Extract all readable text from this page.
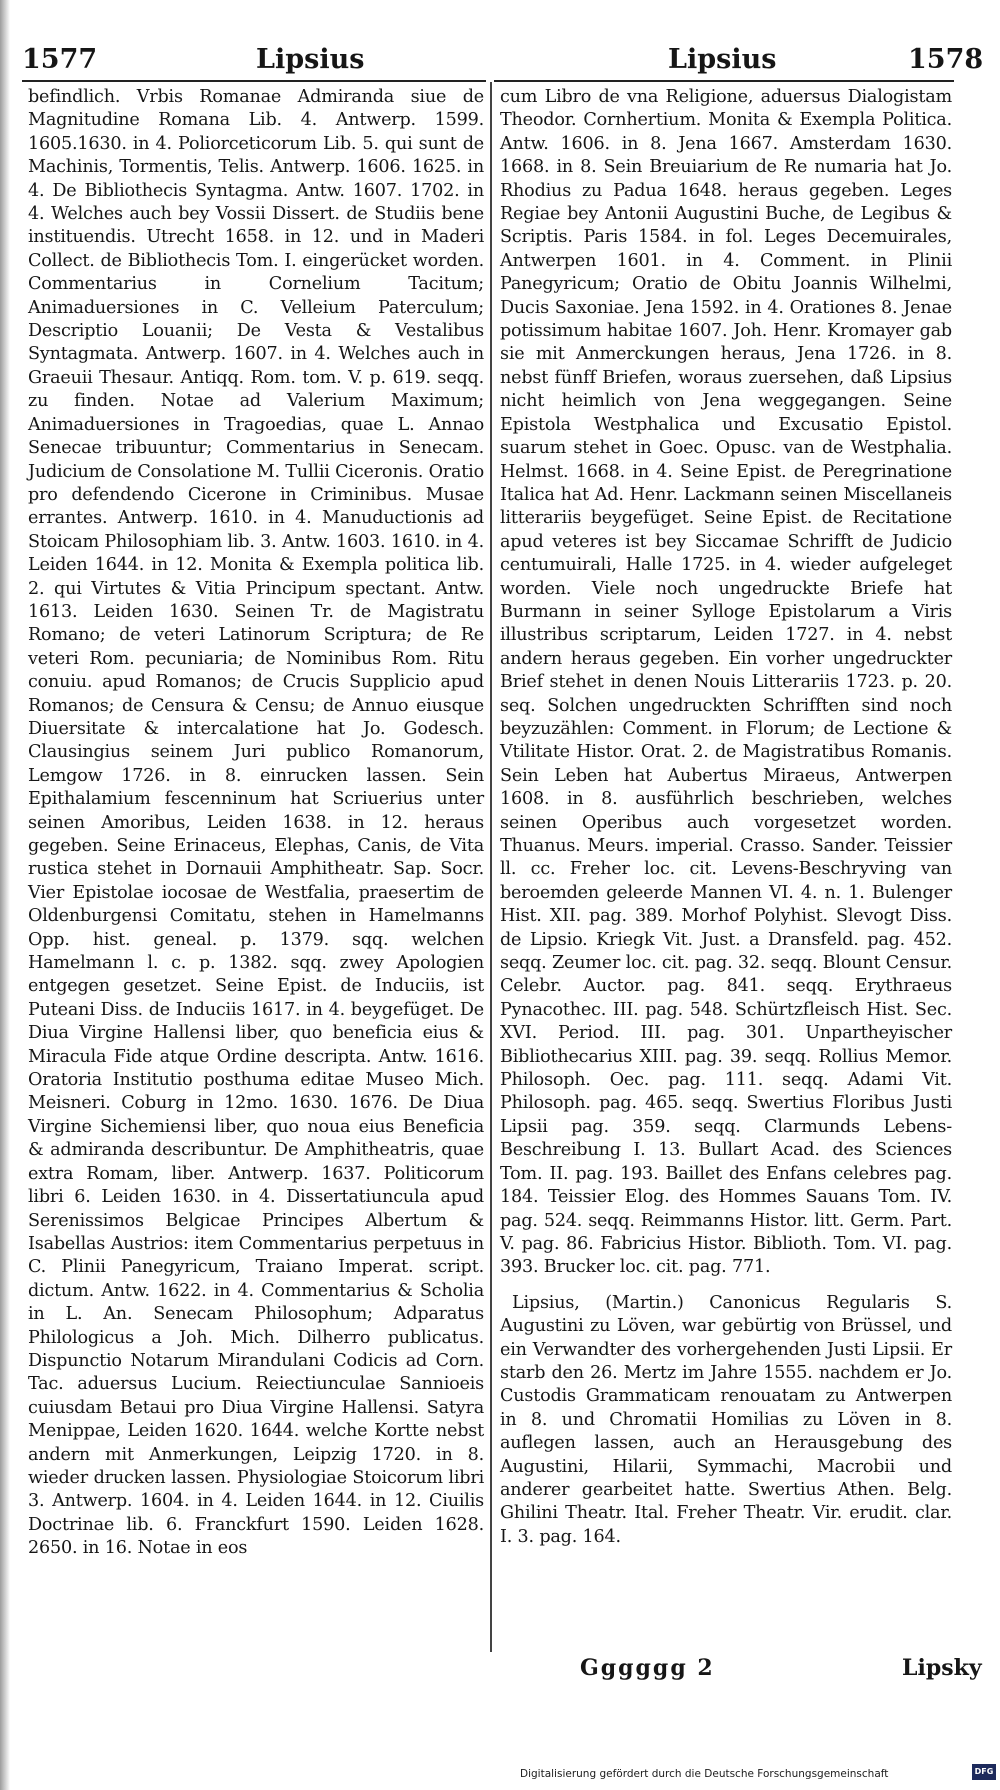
1577	Lipsius	Lipsius	1578

befindlich. Vrbis Romanae Admiranda siue de Magnitudine Romana Lib. 4. Antwerp. 1599. 1605.1630. in 4. Poliorceticorum Lib. 5. qui sunt de Machinis, Tormentis, Telis. Antwerp. 1606. 1625. in 4. De Bibliothecis Syntagma. Antw. 1607. 1702. in 4. Welches auch bey Vossii Dissert. de Studiis bene instituendis. Utrecht 1658. in 12. und in Maderi Collect. de Bibliothecis Tom. I. eingerücket worden. Commentarius in Cornelium Tacitum; Animaduersiones in C. Velleium Paterculum; Descriptio Louanii; De Vesta & Vestalibus Syntagmata. Antwerp. 1607. in 4. Welches auch in Graeuii Thesaur. Antiqq. Rom. tom. V. p. 619. seqq. zu finden. Notae ad Valerium Maximum; Animaduersiones in Tragoedias, quae L. Annao Senecae tribuuntur; Commentarius in Senecam. Judicium de Consolatione M. Tullii Ciceronis. Oratio pro defendendo Cicerone in Criminibus. Musae errantes. Antwerp. 1610. in 4. Manuductionis ad Stoicam Philosophiam lib. 3. Antw. 1603. 1610. in 4. Leiden 1644. in 12. Monita & Exempla politica lib. 2. qui Virtutes & Vitia Principum spectant. Antw. 1613. Leiden 1630. Seinen Tr. de Magistratu Romano; de veteri Latinorum Scriptura; de Re veteri Rom. pecuniaria; de Nominibus Rom. Ritu conuiu. apud Romanos; de Crucis Supplicio apud Romanos; de Censura & Censu; de Annuo eiusque Diuersitate & intercalatione hat Jo. Godesch. Clausingius seinem Juri publico Romanorum, Lemgow 1726. in 8. einrucken lassen. Sein Epithalamium fescenninum hat Scriuerius unter seinen Amoribus, Leiden 1638. in 12. heraus gegeben. Seine Erinaceus, Elephas, Canis, de Vita rustica stehet in Dornauii Amphitheatr. Sap. Socr. Vier Epistolae iocosae de Westfalia, praesertim de Oldenburgensi Comitatu, stehen in Hamelmanns Opp. hist. geneal. p. 1379. sqq. welchen Hamelmann l. c. p. 1382. sqq. zwey Apologien entgegen gesetzet. Seine Epist. de Induciis, ist Puteani Diss. de Induciis 1617. in 4. beygefüget. De Diua Virgine Hallensi liber, quo beneficia eius & Miracula Fide atque Ordine descripta. Antw. 1616. Oratoria Institutio posthuma editae Museo Mich. Meisneri. Coburg in 12mo. 1630. 1676. De Diua Virgine Sichemiensi liber, quo noua eius Beneficia & admiranda describuntur. De Amphitheatris, quae extra Romam, liber. Antwerp. 1637. Politicorum libri 6. Leiden 1630. in 4. Dissertatiuncula apud Serenissimos Belgicae Principes Albertum & Isabellas Austrios: item Commentarius perpetuus in C. Plinii Panegyricum, Traiano Imperat. script. dictum. Antw. 1622. in 4. Commentarius & Scholia in L. An. Senecam Philosophum; Adparatus Philologicus a Joh. Mich. Dilherro publicatus. Dispunctio Notarum Mirandulani Codicis ad Corn. Tac. aduersus Lucium. Reiectiunculae Sannioeis cuiusdam Betaui pro Diua Virgine Hallensi. Satyra Menippae, Leiden 1620. 1644. welche Kortte nebst andern mit Anmerkungen, Leipzig 1720. in 8. wieder drucken lassen. Physiologiae Stoicorum libri 3. Antwerp. 1604. in 4. Leiden 1644. in 12. Ciuilis Doctrinae lib. 6. Franckfurt 1590. Leiden 1628. 2650. in 16. Notae in eos

cum Libro de vna Religione, aduersus Dialogistam Theodor. Cornhertium. Monita & Exempla Politica. Antw. 1606. in 8. Jena 1667. Amsterdam 1630. 1668. in 8. Sein Breuiarium de Re numaria hat Jo. Rhodius zu Padua 1648. heraus gegeben. Leges Regiae bey Antonii Augustini Buche, de Legibus & Scriptis. Paris 1584. in fol. Leges Decemuirales, Antwerpen 1601. in 4. Comment. in Plinii Panegyricum; Oratio de Obitu Joannis Wilhelmi, Ducis Saxoniae. Jena 1592. in 4. Orationes 8. Jenae potissimum habitae 1607. Joh. Henr. Kromayer gab sie mit Anmerckungen heraus, Jena 1726. in 8. nebst fünff Briefen, woraus zuersehen, daß Lipsius nicht heimlich von Jena weggegangen. Seine Epistola Westphalica und Excusatio Epistol. suarum stehet in Goec. Opusc. van de Westphalia. Helmst. 1668. in 4. Seine Epist. de Peregrinatione Italica hat Ad. Henr. Lackmann seinen Miscellaneis litterariis beygefüget. Seine Epist. de Recitatione apud veteres ist bey Siccamae Schrifft de Judicio centumuirali, Halle 1725. in 4. wieder aufgeleget worden. Viele noch ungedruckte Briefe hat Burmann in seiner Sylloge Epistolarum a Viris illustribus scriptarum, Leiden 1727. in 4. nebst andern heraus gegeben. Ein vorher ungedruckter Brief stehet in denen Nouis Litterariis 1723. p. 20. seq. Solchen ungedruckten Schrifften sind noch beyzuzählen: Comment. in Florum; de Lectione & Vtilitate Histor. Orat. 2. de Magistratibus Romanis. Sein Leben hat Aubertus Miraeus, Antwerpen 1608. in 8. ausführlich beschrieben, welches seinen Operibus auch vorgesetzet worden. Thuanus. Meurs. imperial. Crasso. Sander. Teissier ll. cc. Freher loc. cit. Levens-Beschryving van beroemden geleerde Mannen VI. 4. n. 1. Bulenger Hist. XII. pag. 389. Morhof Polyhist. Slevogt Diss. de Lipsio. Kriegk Vit. Just. a Dransfeld. pag. 452. seqq. Zeumer loc. cit. pag. 32. seqq. Blount Censur. Celebr. Auctor. pag. 841. seqq. Erythraeus Pynacothec. III. pag. 548. Schürtzfleisch Hist. Sec. XVI. Period. III. pag. 301. Unpartheyischer Bibliothecarius XIII. pag. 39. seqq. Rollius Memor. Philosoph. Oec. pag. 111. seqq. Adami Vit. Philosoph. pag. 465. seqq. Swertius Floribus Justi Lipsii pag. 359. seqq. Clarmunds Lebens-Beschreibung I. 13. Bullart Acad. des Sciences Tom. II. pag. 193. Baillet des Enfans celebres pag. 184. Teissier Elog. des Hommes Sauans Tom. IV. pag. 524. seqq. Reimmanns Histor. litt. Germ. Part. V. pag. 86. Fabricius Histor. Biblioth. Tom. VI. pag. 393. Brucker loc. cit. pag. 771.

Lipsius, (Martin.) Canonicus Regularis S. Augustini zu Löven, war gebürtig von Brüssel, und ein Verwandter des vorhergehenden Justi Lipsii. Er starb den 26. Mertz im Jahre 1555. nachdem er Jo. Custodis Grammaticam renouatam zu Antwerpen in 8. und Chromatii Homilias zu Löven in 8. auflegen lassen, auch an Herausgebung des Augustini, Hilarii, Symmachi, Macrobii und anderer gearbeitet hatte. Swertius Athen. Belg. Ghilini Theatr. Ital. Freher Theatr. Vir. erudit. clar. I. 3. pag. 164.

Gggggg 2	Lipsky
Digitalisierung gefördert durch die Deutsche Forschungsgemeinschaft	DFG
